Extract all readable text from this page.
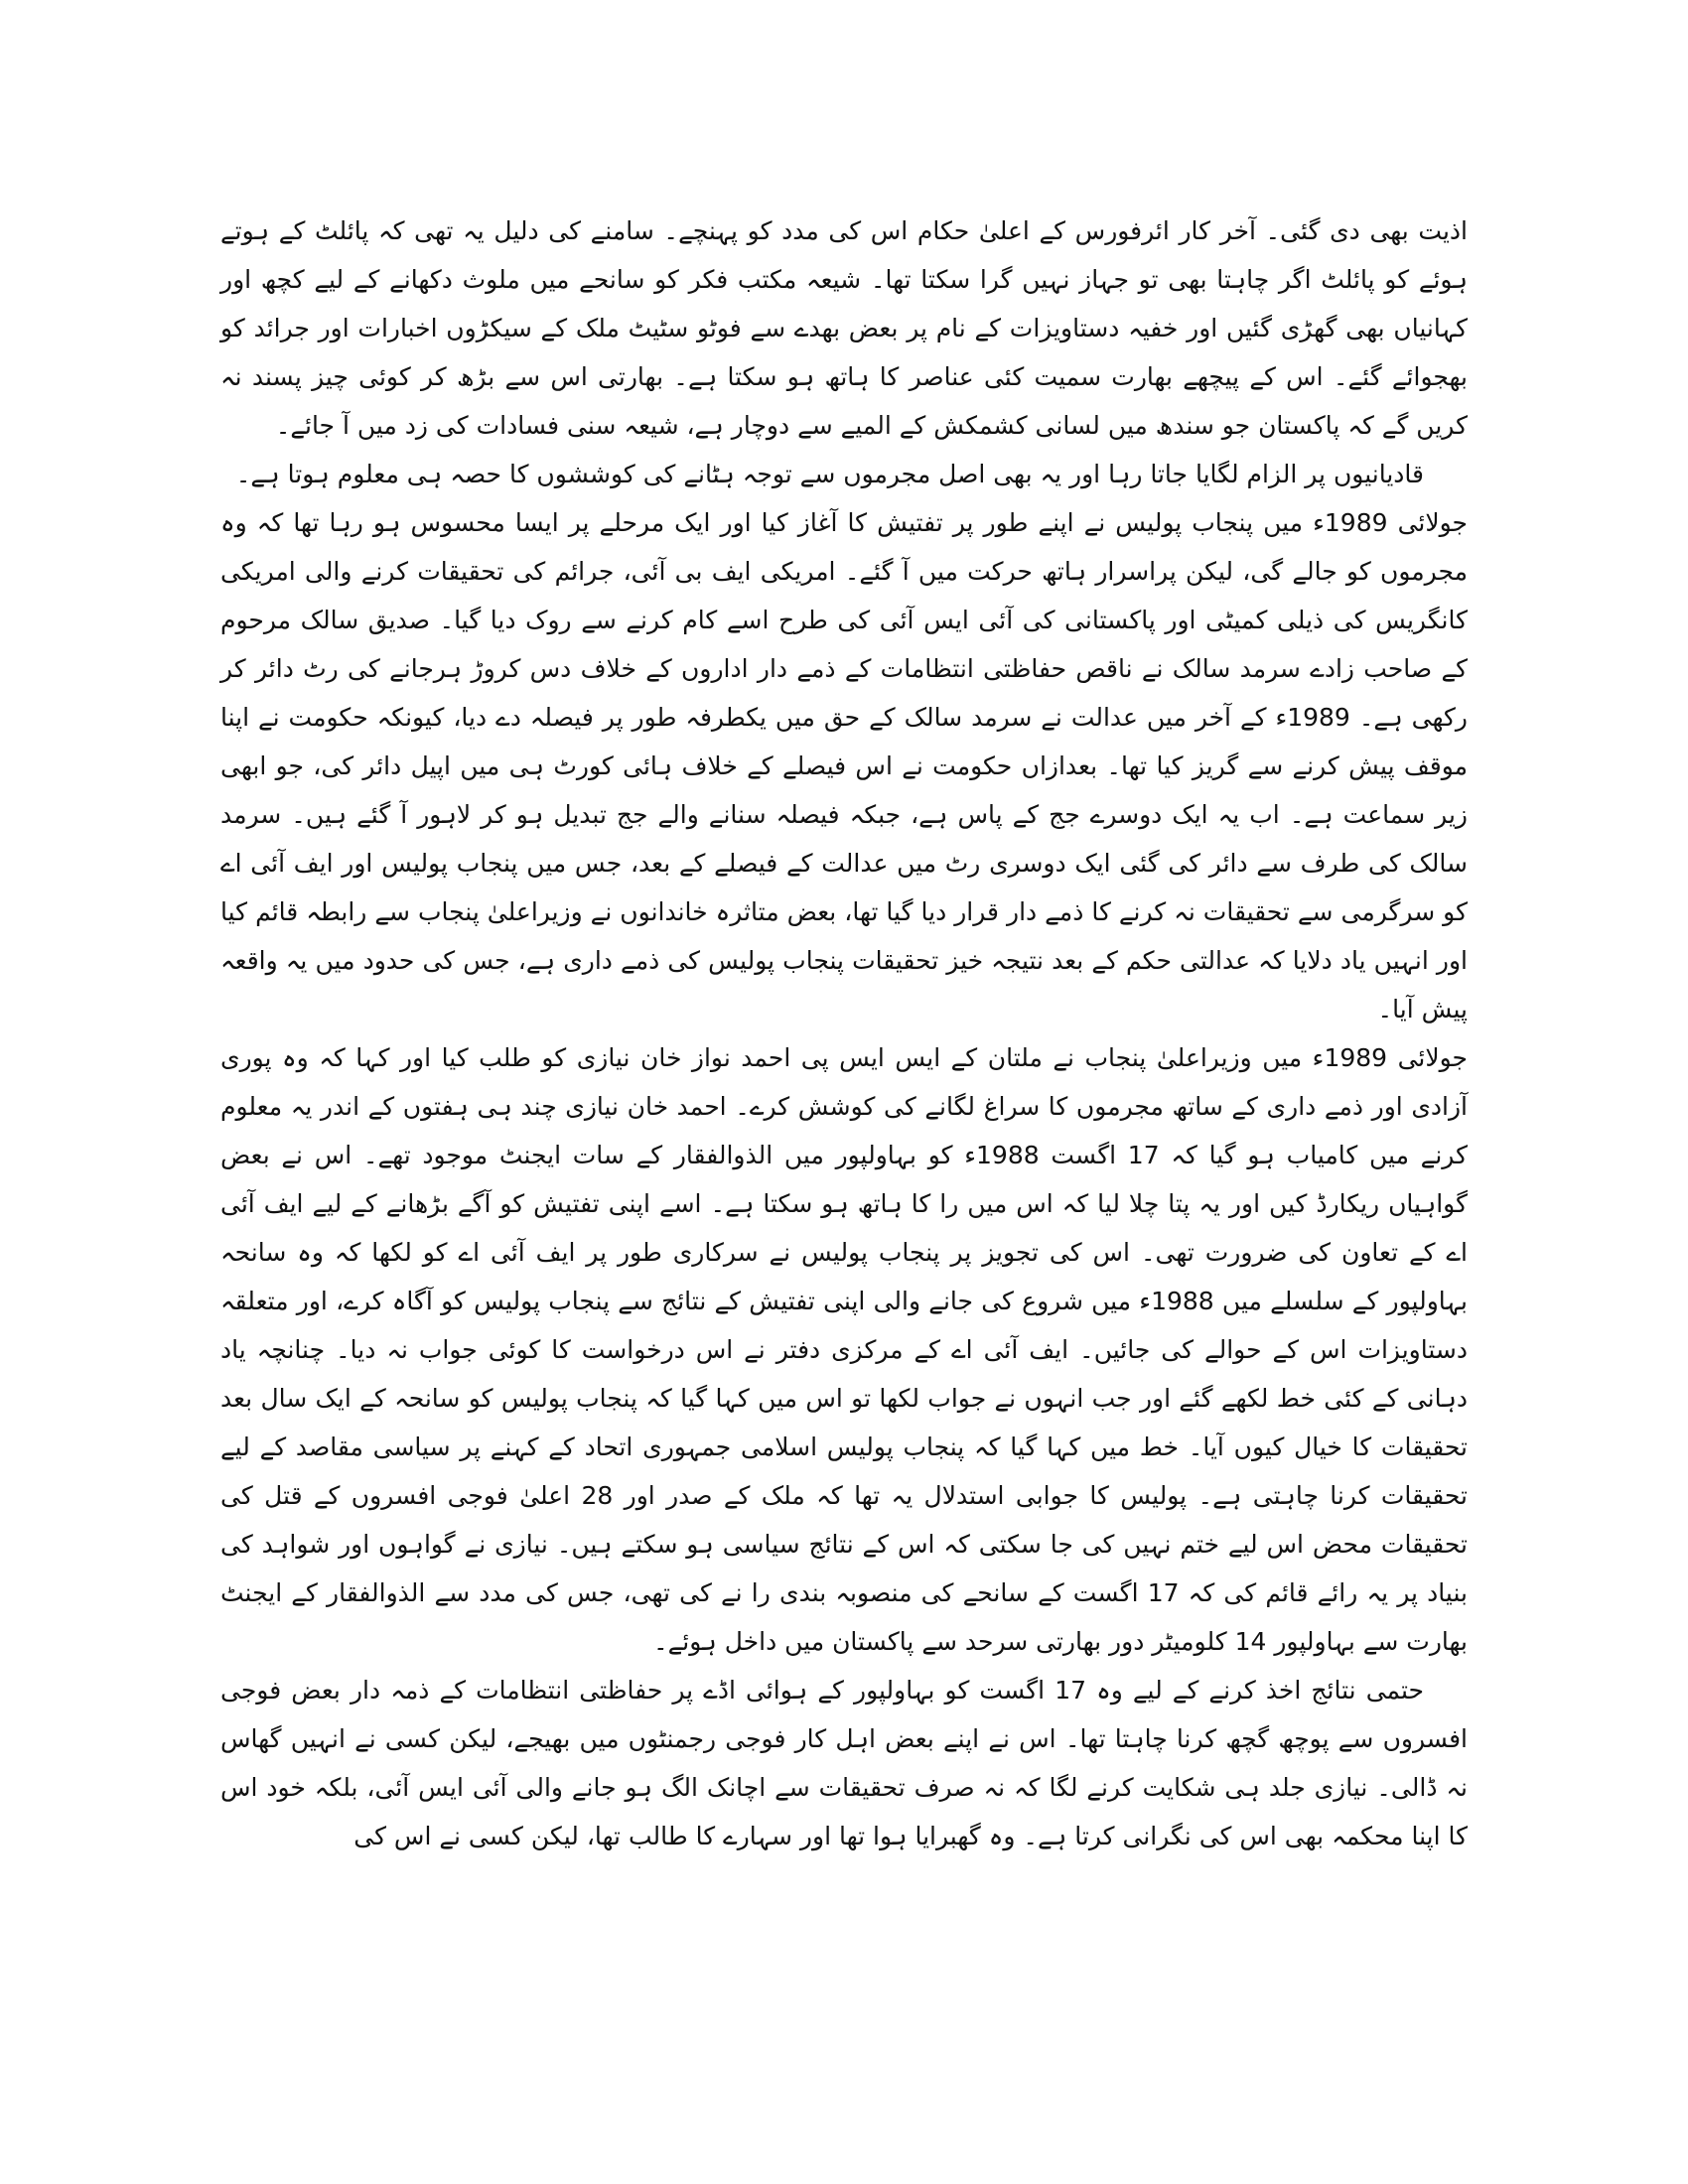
اذیت بھی دی گئی۔ آخر کار ائرفورس کے اعلیٰ حکام اس کی مدد کو پہنچے۔ سامنے کی دلیل یہ تھی کہ پائلٹ کے ہوتے ہوئے کو پائلٹ اگر چاہتا بھی تو جہاز نہیں گرا سکتا تھا۔ شیعہ مکتب فکر کو سانحے میں ملوث دکھانے کے لیے کچھ اور کہانیاں بھی گھڑی گئیں اور خفیہ دستاویزات کے نام پر بعض بھدے سے فوٹو سٹیٹ ملک کے سیکڑوں اخبارات اور جرائد کو بھجوائے گئے۔ اس کے پیچھے بھارت سمیت کئی عناصر کا ہاتھ ہو سکتا ہے۔ بھارتی اس سے بڑھ کر کوئی چیز پسند نہ کریں گے کہ پاکستان جو سندھ میں لسانی کشمکش کے المیے سے دوچار ہے، شیعہ سنی فسادات کی زد میں آ جائے۔

قادیانیوں پر الزام لگایا جاتا رہا اور یہ بھی اصل مجرموں سے توجہ ہٹانے کی کوششوں کا حصہ ہی معلوم ہوتا ہے۔

جولائی 1989ء میں پنجاب پولیس نے اپنے طور پر تفتیش کا آغاز کیا اور ایک مرحلے پر ایسا محسوس ہو رہا تھا کہ وہ مجرموں کو جالے گی، لیکن پراسرار ہاتھ حرکت میں آ گئے۔ امریکی ایف بی آئی، جرائم کی تحقیقات کرنے والی امریکی کانگریس کی ذیلی کمیٹی اور پاکستانی کی آئی ایس آئی کی طرح اسے کام کرنے سے روک دیا گیا۔ صدیق سالک مرحوم کے صاحب زادے سرمد سالک نے ناقص حفاظتی انتظامات کے ذمے دار اداروں کے خلاف دس کروڑ ہرجانے کی رٹ دائر کر رکھی ہے۔ 1989ء کے آخر میں عدالت نے سرمد سالک کے حق میں یکطرفہ طور پر فیصلہ دے دیا، کیونکہ حکومت نے اپنا موقف پیش کرنے سے گریز کیا تھا۔ بعدازاں حکومت نے اس فیصلے کے خلاف ہائی کورٹ ہی میں اپیل دائر کی، جو ابھی زیر سماعت ہے۔ اب یہ ایک دوسرے جج کے پاس ہے، جبکہ فیصلہ سنانے والے جج تبدیل ہو کر لاہور آ گئے ہیں۔ سرمد سالک کی طرف سے دائر کی گئی ایک دوسری رٹ میں عدالت کے فیصلے کے بعد، جس میں پنجاب پولیس اور ایف آئی اے کو سرگرمی سے تحقیقات نہ کرنے کا ذمے دار قرار دیا گیا تھا، بعض متاثرہ خاندانوں نے وزیراعلیٰ پنجاب سے رابطہ قائم کیا اور انہیں یاد دلایا کہ عدالتی حکم کے بعد نتیجہ خیز تحقیقات پنجاب پولیس کی ذمے داری ہے، جس کی حدود میں یہ واقعہ پیش آیا۔

جولائی 1989ء میں وزیراعلیٰ پنجاب نے ملتان کے ایس ایس پی احمد نواز خان نیازی کو طلب کیا اور کہا کہ وہ پوری آزادی اور ذمے داری کے ساتھ مجرموں کا سراغ لگانے کی کوشش کرے۔ احمد خان نیازی چند ہی ہفتوں کے اندر یہ معلوم کرنے میں کامیاب ہو گیا کہ 17 اگست 1988ء کو بہاولپور میں الذوالفقار کے سات ایجنٹ موجود تھے۔ اس نے بعض گواہیاں ریکارڈ کیں اور یہ پتا چلا لیا کہ اس میں را کا ہاتھ ہو سکتا ہے۔ اسے اپنی تفتیش کو آگے بڑھانے کے لیے ایف آئی اے کے تعاون کی ضرورت تھی۔ اس کی تجویز پر پنجاب پولیس نے سرکاری طور پر ایف آئی اے کو لکھا کہ وہ سانحہ بہاولپور کے سلسلے میں 1988ء میں شروع کی جانے والی اپنی تفتیش کے نتائج سے پنجاب پولیس کو آگاہ کرے، اور متعلقہ دستاویزات اس کے حوالے کی جائیں۔ ایف آئی اے کے مرکزی دفتر نے اس درخواست کا کوئی جواب نہ دیا۔ چنانچہ یاد دہانی کے کئی خط لکھے گئے اور جب انہوں نے جواب لکھا تو اس میں کہا گیا کہ پنجاب پولیس کو سانحہ کے ایک سال بعد تحقیقات کا خیال کیوں آیا۔ خط میں کہا گیا کہ پنجاب پولیس اسلامی جمہوری اتحاد کے کہنے پر سیاسی مقاصد کے لیے تحقیقات کرنا چاہتی ہے۔ پولیس کا جوابی استدلال یہ تھا کہ ملک کے صدر اور 28 اعلیٰ فوجی افسروں کے قتل کی تحقیقات محض اس لیے ختم نہیں کی جا سکتی کہ اس کے نتائج سیاسی ہو سکتے ہیں۔ نیازی نے گواہوں اور شواہد کی بنیاد پر یہ رائے قائم کی کہ 17 اگست کے سانحے کی منصوبہ بندی را نے کی تھی، جس کی مدد سے الذوالفقار کے ایجنٹ بھارت سے بہاولپور 14 کلومیٹر دور بھارتی سرحد سے پاکستان میں داخل ہوئے۔

حتمی نتائج اخذ کرنے کے لیے وہ 17 اگست کو بہاولپور کے ہوائی اڈے پر حفاظتی انتظامات کے ذمہ دار بعض فوجی افسروں سے پوچھ گچھ کرنا چاہتا تھا۔ اس نے اپنے بعض اہل کار فوجی رجمنٹوں میں بھیجے، لیکن کسی نے انہیں گھاس نہ ڈالی۔ نیازی جلد ہی شکایت کرنے لگا کہ نہ صرف تحقیقات سے اچانک الگ ہو جانے والی آئی ایس آئی، بلکہ خود اس کا اپنا محکمہ بھی اس کی نگرانی کرتا ہے۔ وہ گھبرایا ہوا تھا اور سہارے کا طالب تھا، لیکن کسی نے اس کی
